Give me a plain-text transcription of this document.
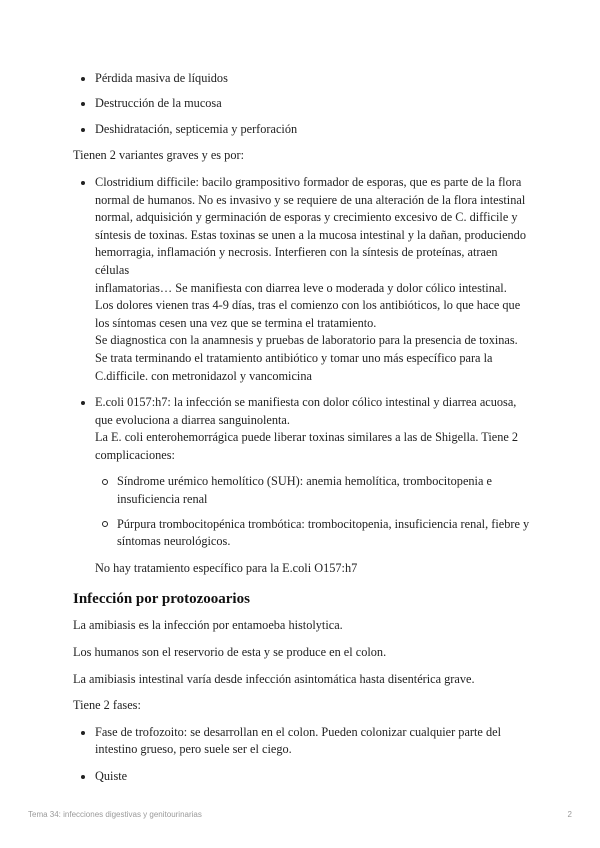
Pérdida masiva de líquidos
Destrucción de la mucosa
Deshidratación, septicemia y perforación

Tienen 2 variantes graves y es por:

Clostridium difficile: bacilo grampositivo formador de esporas, que es parte de la flora
normal de humanos. No es invasivo y se requiere de una alteración de la flora intestinal
normal, adquisición y germinación de esporas y crecimiento excesivo de C. difficile y
síntesis de toxinas. Estas toxinas se unen a la mucosa intestinal y la dañan, produciendo
hemorragia, inflamación y necrosis. Interfieren con la síntesis de proteínas, atraen células
inflamatorias… Se manifiesta con diarrea leve o moderada y dolor cólico intestinal.
Los dolores vienen tras 4-9 días, tras el comienzo con los antibióticos, lo que hace que
los síntomas cesen una vez que se termina el tratamiento.
Se diagnostica con la anamnesis y pruebas de laboratorio para la presencia de toxinas.
Se trata terminando el tratamiento antibiótico y tomar uno más específico para la
C.difficile. con metronidazol y vancomicina
E.coli 0157:h7: la infección se manifiesta con dolor cólico intestinal y diarrea acuosa,
que evoluciona a diarrea sanguinolenta.
La E. coli enterohemorrágica puede liberar toxinas similares a las de Shigella. Tiene 2
complicaciones:
Síndrome urémico hemolítico (SUH): anemia hemolítica, trombocitopenia e
insuficiencia renal
Púrpura trombocitopénica trombótica: trombocitopenia, insuficiencia renal, fiebre y
síntomas neurológicos.
No hay tratamiento específico para la E.coli O157:h7
Infección por protozooarios

La amibiasis es la infección por entamoeba histolytica.

Los humanos son el reservorio de esta y se produce en el colon.

La amibiasis intestinal varía desde infección asintomática hasta disentérica grave.

Tiene 2 fases:

Fase de trofozoito: se desarrollan en el colon. Pueden colonizar cualquier parte del
intestino grueso, pero suele ser el ciego.
Quiste
Tema 34: infecciones digestivas y genitourinarias	2
